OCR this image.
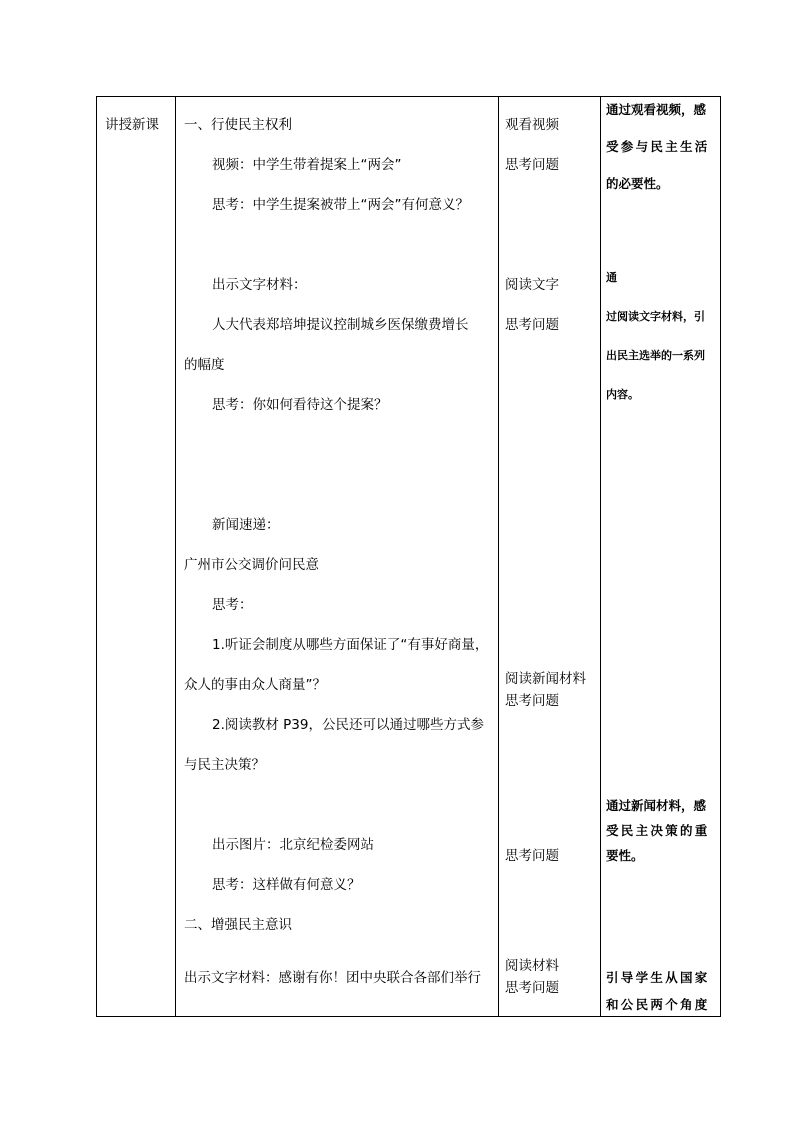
讲授新课 一、行使民主权利
视频：中学生带着提案上“两会”
思考：中学生提案被带上“两会”有何意义？
出示文字材料：
人大代表郑培坤提议控制城乡医保缴费增长
的幅度
思考：你如何看待这个提案？
新闻速递：
广州市公交调价问民意
思考：
1.听证会制度从哪些方面保证了“有事好商量，
众人的事由众人商量”？
2.阅读教材 P39，公民还可以通过哪些方式参
与民主决策？
出示图片：北京纪检委网站
思考：这样做有何意义？
二、增强民主意识
出示文字材料：感谢有你！团中央联合各部们举行
观看视频
思考问题
阅读文字
思考问题
阅读新闻材料
思考问题
思考问题
阅读材料
思考问题
通过观看视频，感
受参与民主生活
的必要性。
通
过阅读文字材料，引
出民主选举的一系列
内容。
通过新闻材料，感
受民主决策的重
要性。
引导学生从国家
和公民两个角度
